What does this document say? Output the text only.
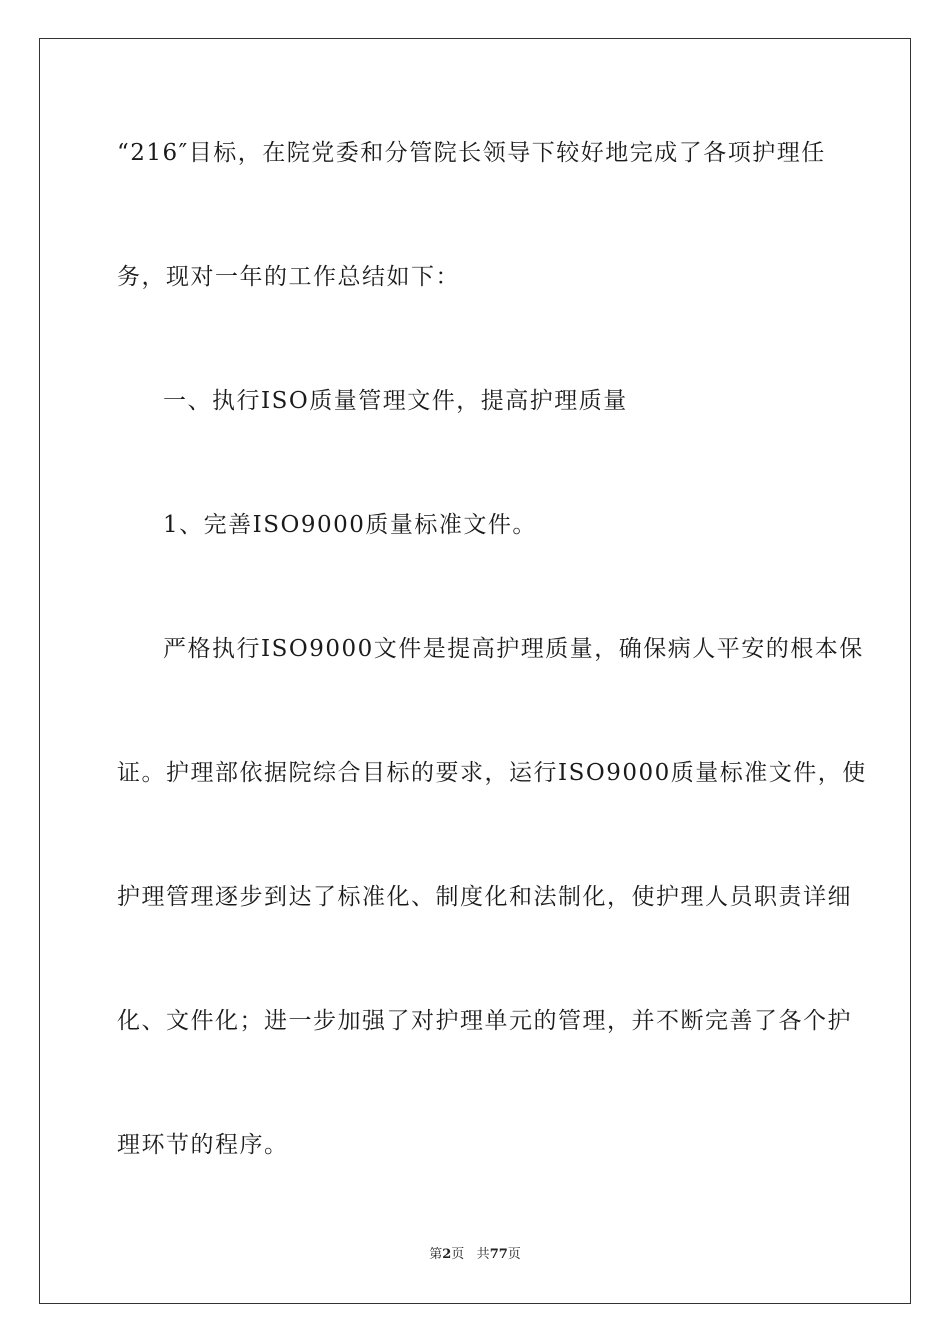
“216″目标，在院党委和分管院长领导下较好地完成了各项护理任
务，现对一年的工作总结如下：
一、执行ISO质量管理文件，提高护理质量
1、完善ISO9000质量标准文件。
严格执行ISO9000文件是提高护理质量，确保病人平安的根本保
证。护理部依据院综合目标的要求，运行ISO9000质量标准文件，使
护理管理逐步到达了标准化、制度化和法制化，使护理人员职责详细
化、文件化；进一步加强了对护理单元的管理，并不断完善了各个护
理环节的程序。
第2页 共77页
